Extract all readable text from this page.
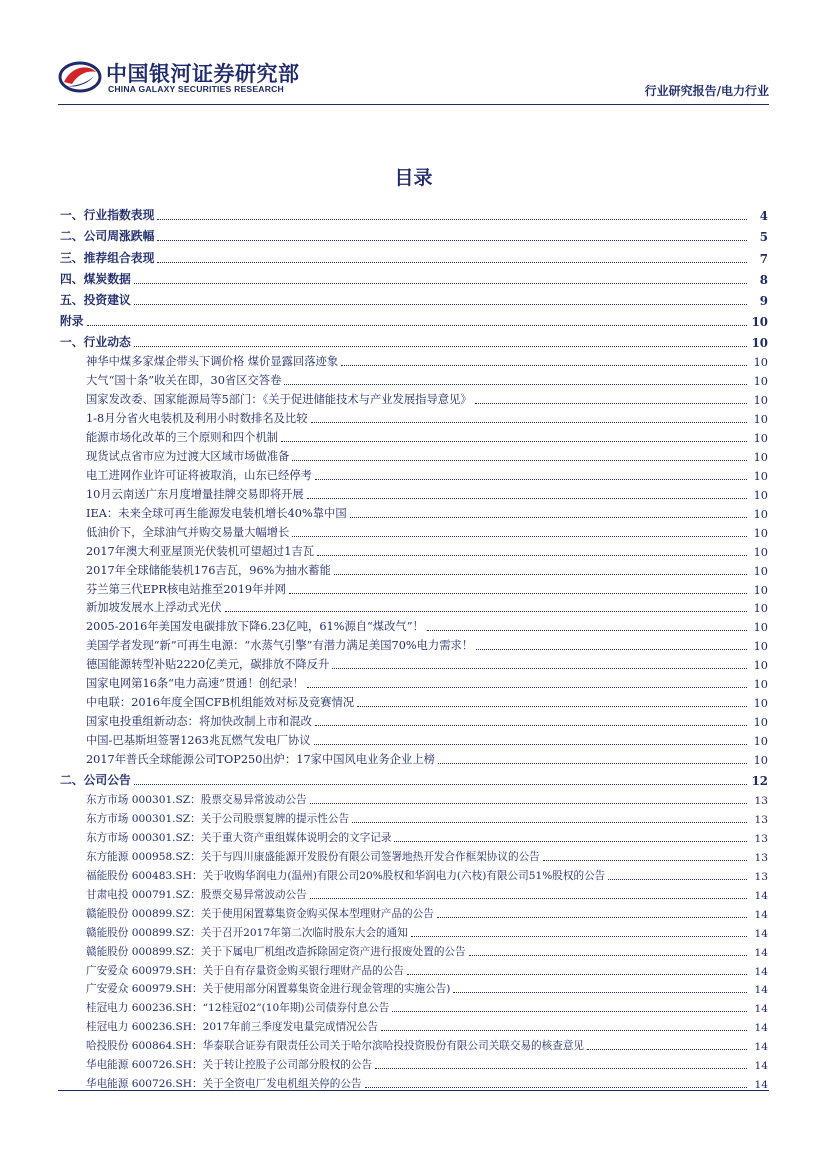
中国银河证券研究部
CHINA GALAXY SECURITIES RESEARCH	行业研究报告/电力行业
目录
一、行业指数表现	4
二、公司周涨跌幅	5
三、推荐组合表现	7
四、煤炭数据	8
五、投资建议	9
附录	10
一、行业动态	10
神华中煤多家煤企带头下调价格 煤价显露回落迹象	10
大气“国十条”收关在即，30省区交答卷	10
国家发改委、国家能源局等5部门：《关于促进储能技术与产业发展指导意见》	10
1-8月分省火电装机及利用小时数排名及比较	10
能源市场化改革的三个原则和四个机制	10
现货试点省市应为过渡大区域市场做准备	10
电工进网作业许可证将被取消，山东已经停考	10
10月云南送广东月度增量挂牌交易即将开展	10
IEA：未来全球可再生能源发电装机增长40%靠中国	10
低油价下，全球油气并购交易量大幅增长	10
2017年澳大利亚屋顶光伏装机可望超过1吉瓦	10
2017年全球储能装机176吉瓦，96%为抽水蓄能	10
芬兰第三代EPR核电站推至2019年并网	10
新加坡发展水上浮动式光伏	10
2005-2016年美国发电碳排放下降6.23亿吨，61%源自“煤改气”！	10
美国学者发现“新”可再生电源：“水蒸气引擎”有潜力满足美国70%电力需求！	10
德国能源转型补贴2220亿美元，碳排放不降反升	10
国家电网第16条“电力高速”贯通！创纪录！	10
中电联：2016年度全国CFB机组能效对标及竞赛情况	10
国家电投重组新动态：将加快改制上市和混改	10
中国-巴基斯坦签署1263兆瓦燃气发电厂协议	10
2017年普氏全球能源公司TOP250出炉：17家中国风电业务企业上榜	10
二、公司公告	12
东方市场 000301.SZ：股票交易异常波动公告	13
东方市场 000301.SZ：关于公司股票复牌的提示性公告	13
东方市场 000301.SZ：关于重大资产重组媒体说明会的文字记录	13
东方能源 000958.SZ：关于与四川康盛能源开发股份有限公司签署地热开发合作框架协议的公告	13
福能股份 600483.SH：关于收购华润电力(温州)有限公司20%股权和华润电力(六枝)有限公司51%股权的公告	13
甘肃电投 000791.SZ：股票交易异常波动公告	14
赣能股份 000899.SZ：关于使用闲置募集资金购买保本型理财产品的公告	14
赣能股份 000899.SZ：关于召开2017年第二次临时股东大会的通知	14
赣能股份 000899.SZ：关于下属电厂机组改造拆除固定资产进行报废处置的公告	14
广安爱众 600979.SH：关于自有存量资金购买银行理财产品的公告	14
广安爱众 600979.SH：关于使用部分闲置募集资金进行现金管理的实施公告)	14
桂冠电力 600236.SH：“12桂冠02”(10年期)公司债券付息公告	14
桂冠电力 600236.SH：2017年前三季度发电量完成情况公告	14
哈投股份 600864.SH：华泰联合证券有限责任公司关于哈尔滨哈投投资股份有限公司关联交易的核查意见	14
华电能源 600726.SH：关于转让控股子公司部分股权的公告	14
华电能源 600726.SH：关于全资电厂发电机组关停的公告	14
